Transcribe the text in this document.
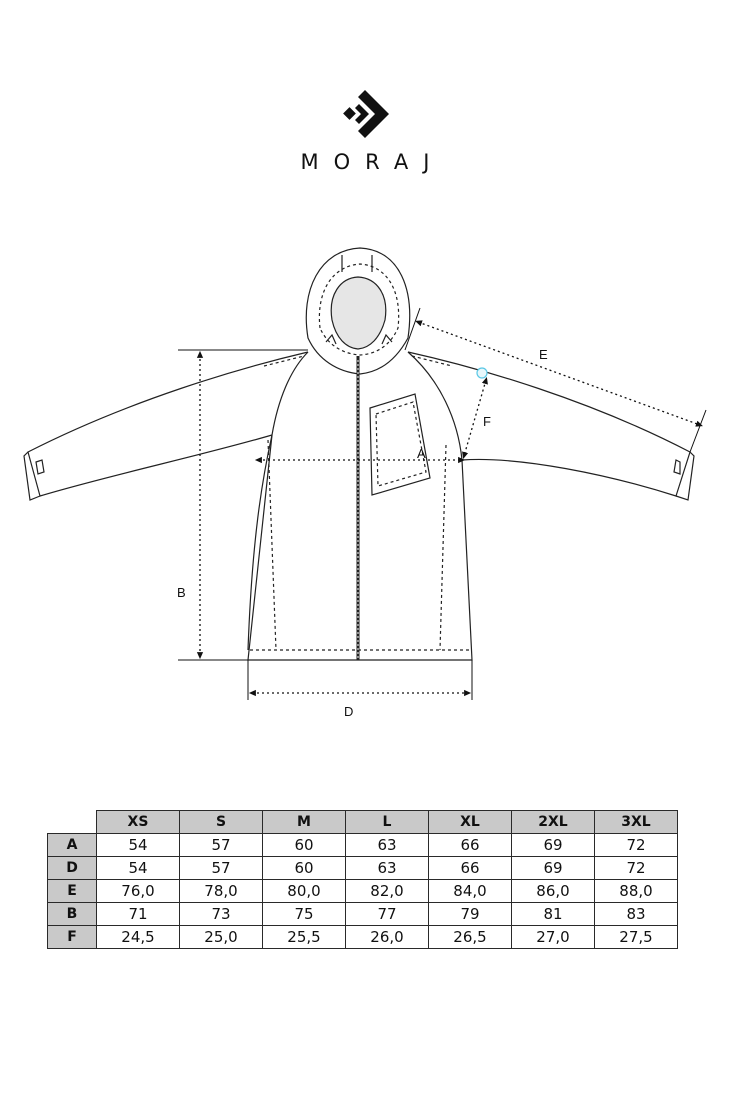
MORAJ
A
B
D
E
F
	XS	S	M	L	XL	2XL	3XL
A	54	57	60	63	66	69	72
D	54	57	60	63	66	69	72
E	76,0	78,0	80,0	82,0	84,0	86,0	88,0
B	71	73	75	77	79	81	83
F	24,5	25,0	25,5	26,0	26,5	27,0	27,5
